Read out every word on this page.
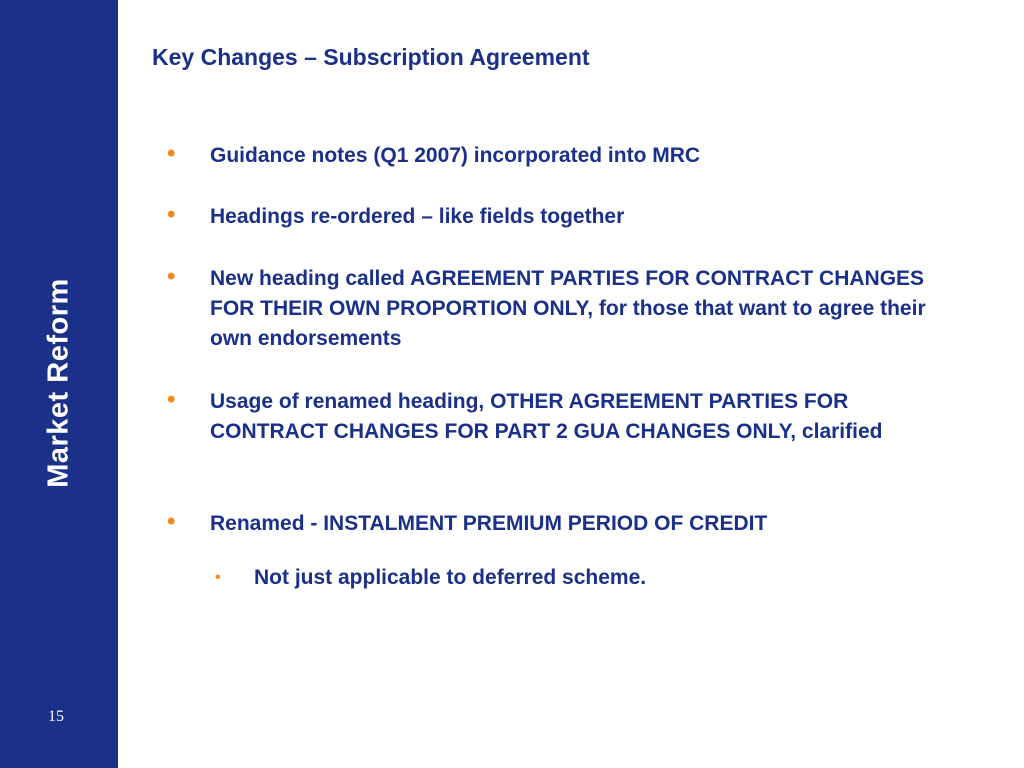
Market Reform
15
Key Changes – Subscription Agreement
• Guidance notes (Q1 2007) incorporated into MRC
• Headings re-ordered – like fields together
• New heading called AGREEMENT PARTIES FOR CONTRACT CHANGES FOR THEIR OWN PROPORTION ONLY, for those that want to agree their own endorsements
• Usage of renamed heading, OTHER AGREEMENT PARTIES FOR CONTRACT CHANGES FOR PART 2 GUA CHANGES ONLY, clarified
• Renamed - INSTALMENT PREMIUM PERIOD OF CREDIT
• Not just applicable to deferred scheme.
